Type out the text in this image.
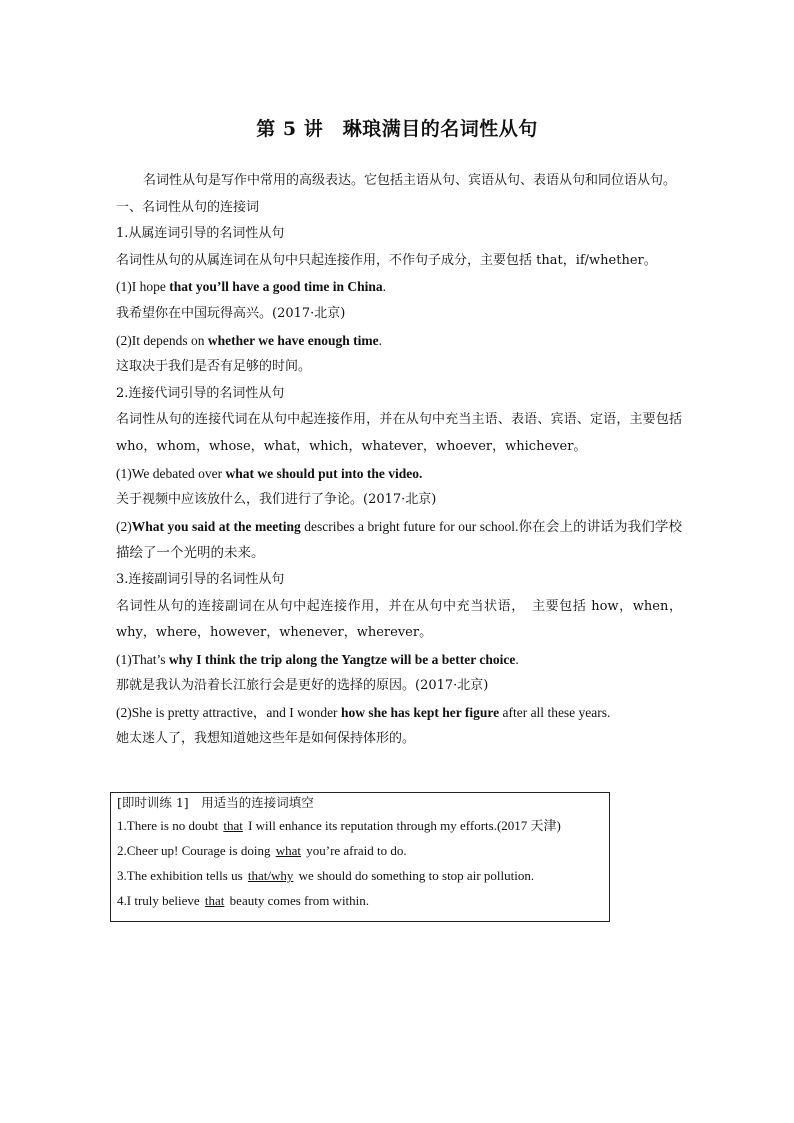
第 5 讲　琳琅满目的名词性从句
名词性从句是写作中常用的高级表达。它包括主语从句、宾语从句、表语从句和同位语从句。
一、名词性从句的连接词
1.从属连词引导的名词性从句
名词性从句的从属连词在从句中只起连接作用，不作句子成分，主要包括 that，if/whether。
(1)I hope that you’ll have a good time in China.
我希望你在中国玩得高兴。(2017·北京)
(2)It depends on whether we have enough time.
这取决于我们是否有足够的时间。
2.连接代词引导的名词性从句
名词性从句的连接代词在从句中起连接作用，并在从句中充当主语、表语、宾语、定语，主要包括 who，whom，whose，what，which，whatever，whoever，whichever。
(1)We debated over what we should put into the video.
关于视频中应该放什么，我们进行了争论。(2017·北京)
(2)What you said at the meeting describes a bright future for our school.你在会上的讲话为我们学校描绘了一个光明的未来。
3.连接副词引导的名词性从句
名词性从句的连接副词在从句中起连接作用，并在从句中充当状语，　主要包括 how，when，why，where，however，whenever，wherever。
(1)That’s why I think the trip along the Yangtze will be a better choice.
那就是我认为沿着长江旅行会是更好的选择的原因。(2017·北京)
(2)She is pretty attractive，and I wonder how she has kept her figure after all these years.
她太迷人了，我想知道她这些年是如何保持体形的。
[即时训练 1]　 用适当的连接词填空
1.There is no doubt that I will enhance its reputation through my efforts.(2017 天津)
2.Cheer up! Courage is doing what you’re afraid to do.
3.The exhibition tells us that/why we should do something to stop air pollution.
4.I truly believe that beauty comes from within.
